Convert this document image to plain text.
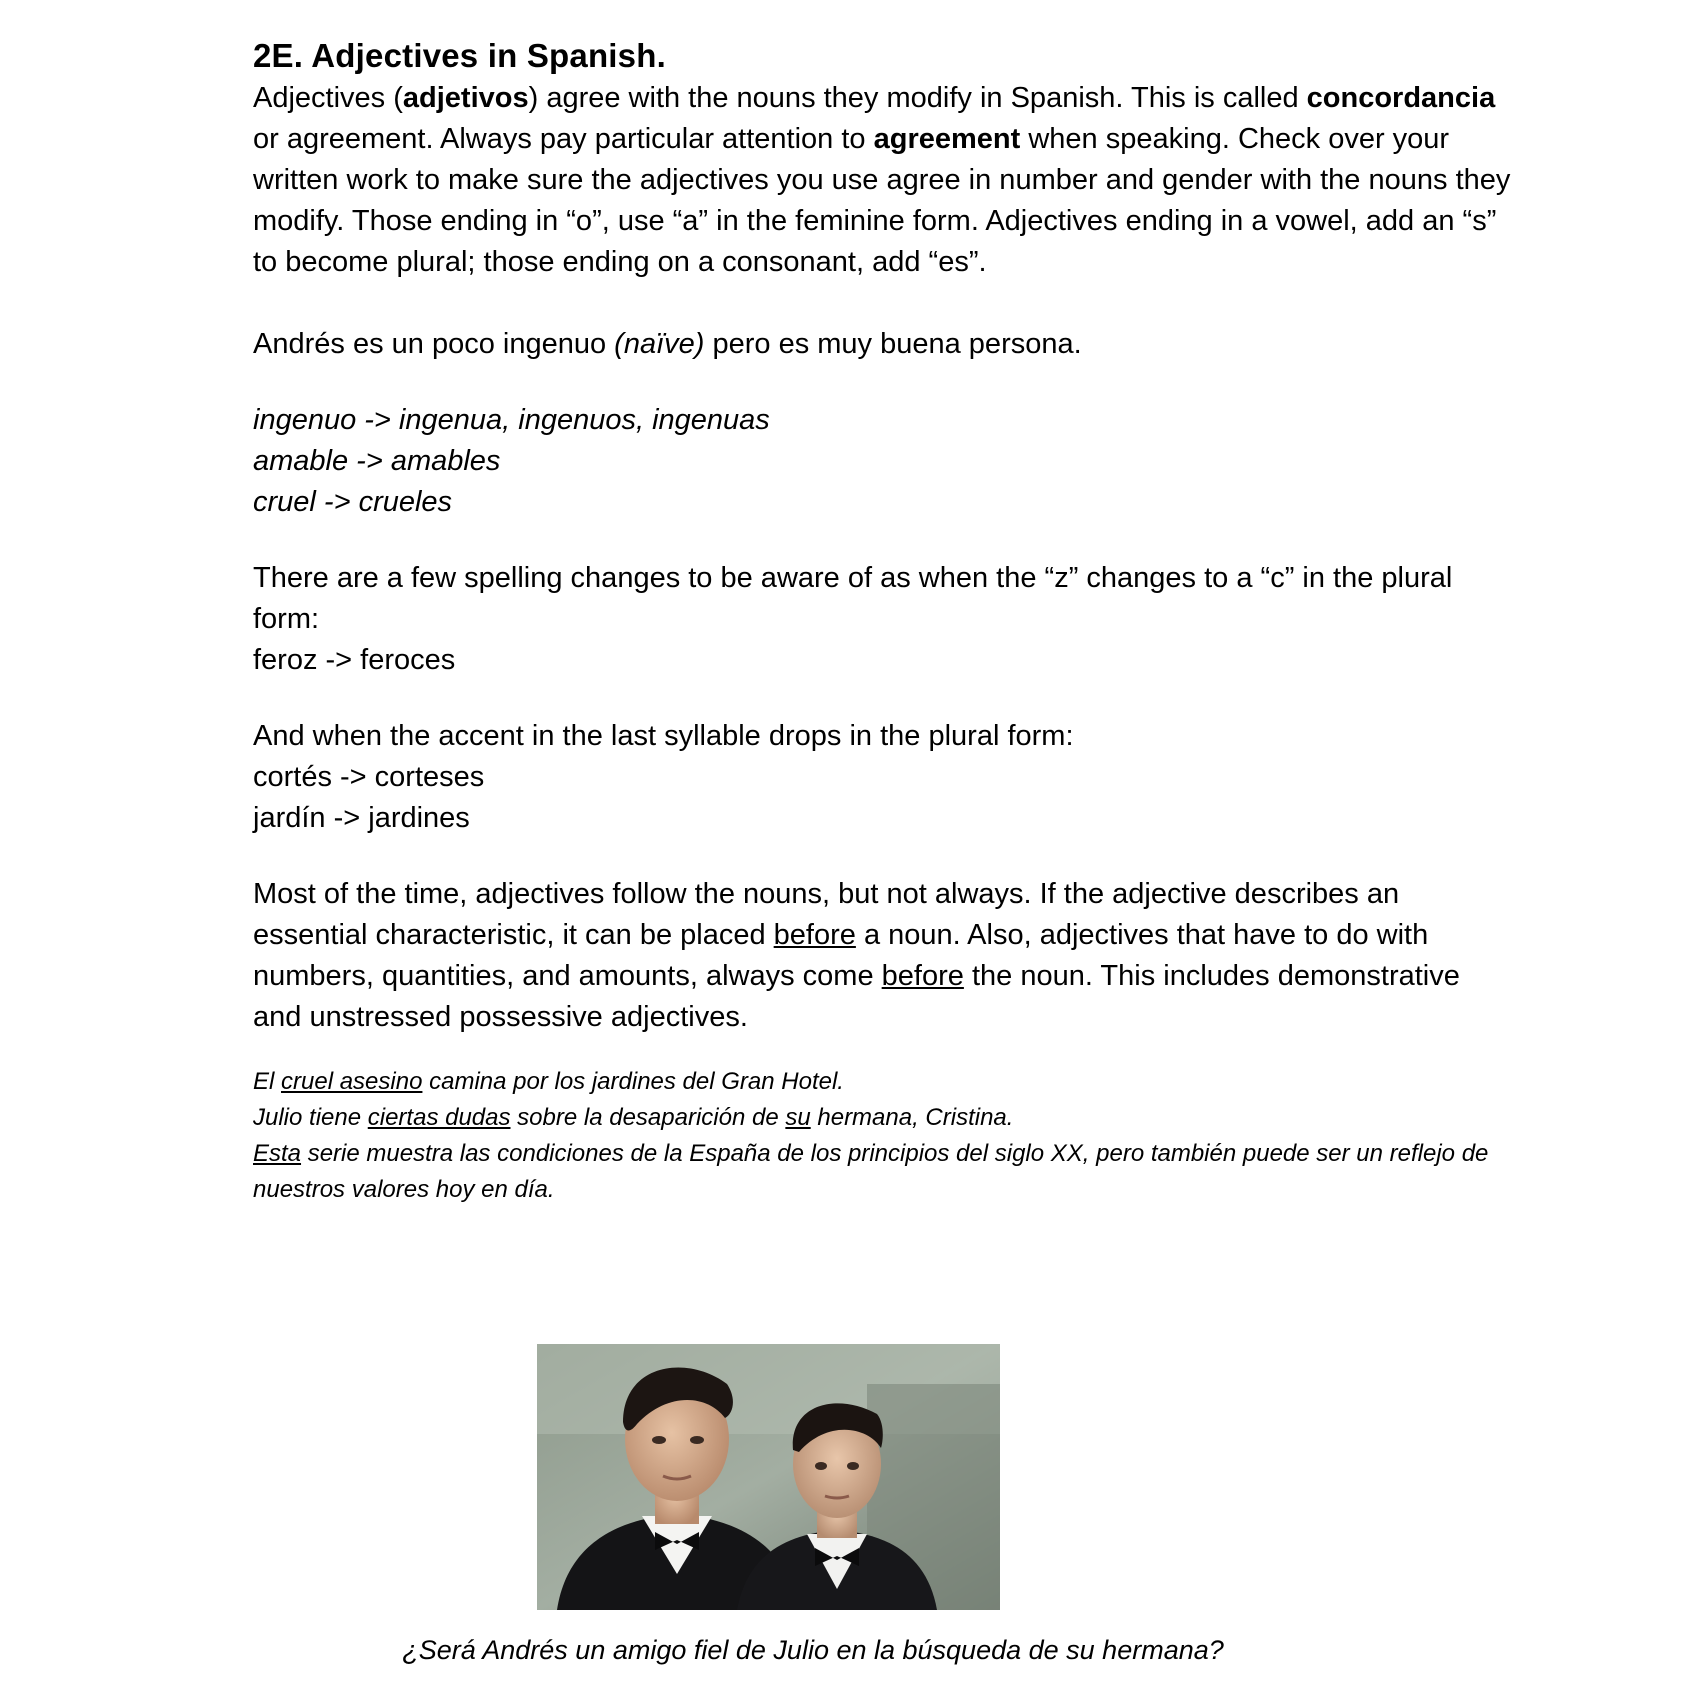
2E. Adjectives in Spanish.

Adjectives (adjetivos) agree with the nouns they modify in Spanish. This is called concordancia or agreement. Always pay particular attention to agreement when speaking. Check over your written work to make sure the adjectives you use agree in number and gender with the nouns they modify. Those ending in “o”, use “a” in the feminine form. Adjectives ending in a vowel, add an “s” to become plural; those ending on a consonant, add “es”.

Andrés es un poco ingenuo (naïve) pero es muy buena persona.

ingenuo -> ingenua, ingenuos, ingenuas

amable -> amables

cruel -> crueles

There are a few spelling changes to be aware of as when the “z” changes to a “c” in the plural form:

feroz -> feroces

And when the accent in the last syllable drops in the plural form:

cortés -> corteses

jardín -> jardines

Most of the time, adjectives follow the nouns, but not always. If the adjective describes an essential characteristic, it can be placed before a noun. Also, adjectives that have to do with numbers, quantities, and amounts, always come before the noun. This includes demonstrative and unstressed possessive adjectives.

El cruel asesino camina por los jardines del Gran Hotel.

Julio tiene ciertas dudas sobre la desaparición de su hermana, Cristina.

Esta serie muestra las condiciones de la España de los principios del siglo XX, pero también puede ser un reflejo de nuestros valores hoy en día.

¿Será Andrés un amigo fiel de Julio en la búsqueda de su hermana?
